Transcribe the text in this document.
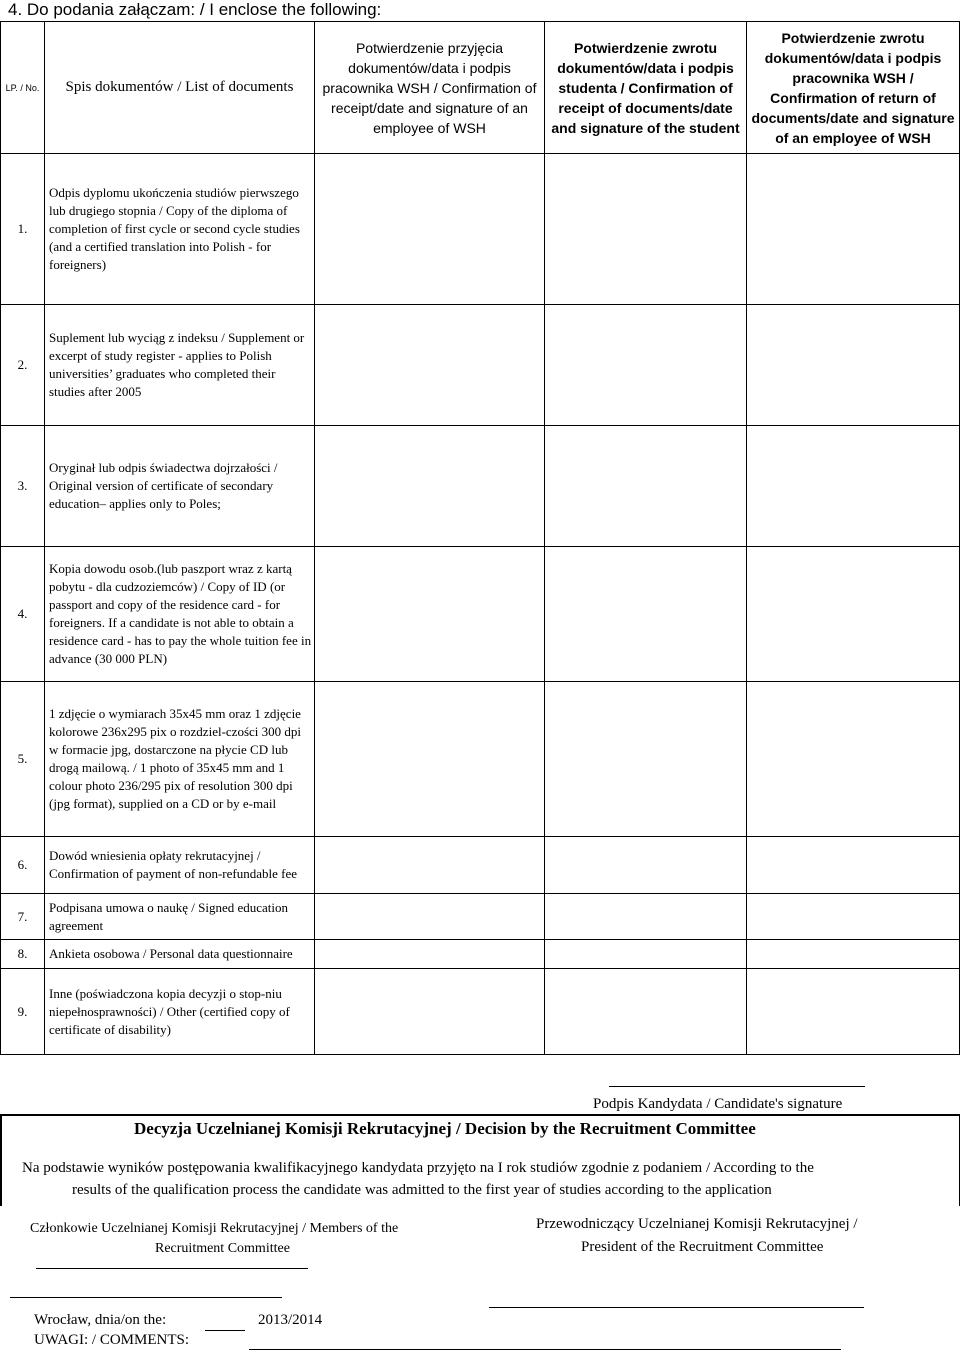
4. Do podania załączam: / I enclose the following:
LP. / No.	Spis dokumentów / List of documents	Potwierdzenie przyjęcia dokumentów/data i podpis pracownika WSH / Confirmation of receipt/date and signature of an employee of WSH	Potwierdzenie zwrotu dokumentów/data i podpis studenta / Confirmation of receipt of documents/date and signature of the student	Potwierdzenie zwrotu dokumentów/data i podpis pracownika WSH / Confirmation of return of documents/date and signature of an employee of WSH
1.	Odpis dyplomu ukończenia studiów pierwszego lub drugiego stopnia / Copy of the diploma of completion of first cycle or second cycle studies (and a certified translation into Polish - for foreigners)			
2.	Suplement lub wyciąg z indeksu / Supplement or excerpt of study register - applies to Polish universities’ graduates who completed their studies after 2005			
3.	Oryginał lub odpis świadectwa dojrzałości / Original version of certificate of secondary education– applies only to Poles;			
4.	Kopia dowodu osob.(lub paszport wraz z kartą pobytu - dla cudzoziemców) / Copy of ID (or passport and copy of the residence card - for foreigners. If a candidate is not able to obtain a residence card - has to pay the whole tuition fee in advance (30 000 PLN)			
5.	1 zdjęcie o wymiarach 35x45 mm oraz 1 zdjęcie kolorowe 236x295 pix o rozdziel-czości 300 dpi w formacie jpg, dostarczone na płycie CD lub drogą mailową. / 1 photo of 35x45 mm and 1 colour photo 236/295 pix of resolution 300 dpi (jpg format), supplied on a CD or by e-mail			
6.	Dowód wniesienia opłaty rekrutacyjnej / Confirmation of payment of non-refundable fee			
7.	Podpisana umowa o naukę / Signed education agreement			
8.	Ankieta osobowa / Personal data questionnaire			
9.	Inne (poświadczona kopia decyzji o stop-niu niepełnosprawności) / Other (certified copy of certificate of disability)			
Podpis Kandydata / Candidate's signature
Decyzja Uczelnianej Komisji Rekrutacyjnej / Decision by the Recruitment Committee
Na podstawie wyników postępowania kwalifikacyjnego kandydata przyjęto na I rok studiów zgodnie z podaniem / According to the
results of the qualification process the candidate was admitted to the first year of studies according to the application
Członkowie Uczelnianej Komisji Rekrutacyjnej / Members of the
Recruitment Committee
Przewodniczący Uczelnianej Komisji Rekrutacyjnej /
President of the Recruitment Committee
Wrocław, dnia/on the:	2013/2014
UWAGI: / COMMENTS:
